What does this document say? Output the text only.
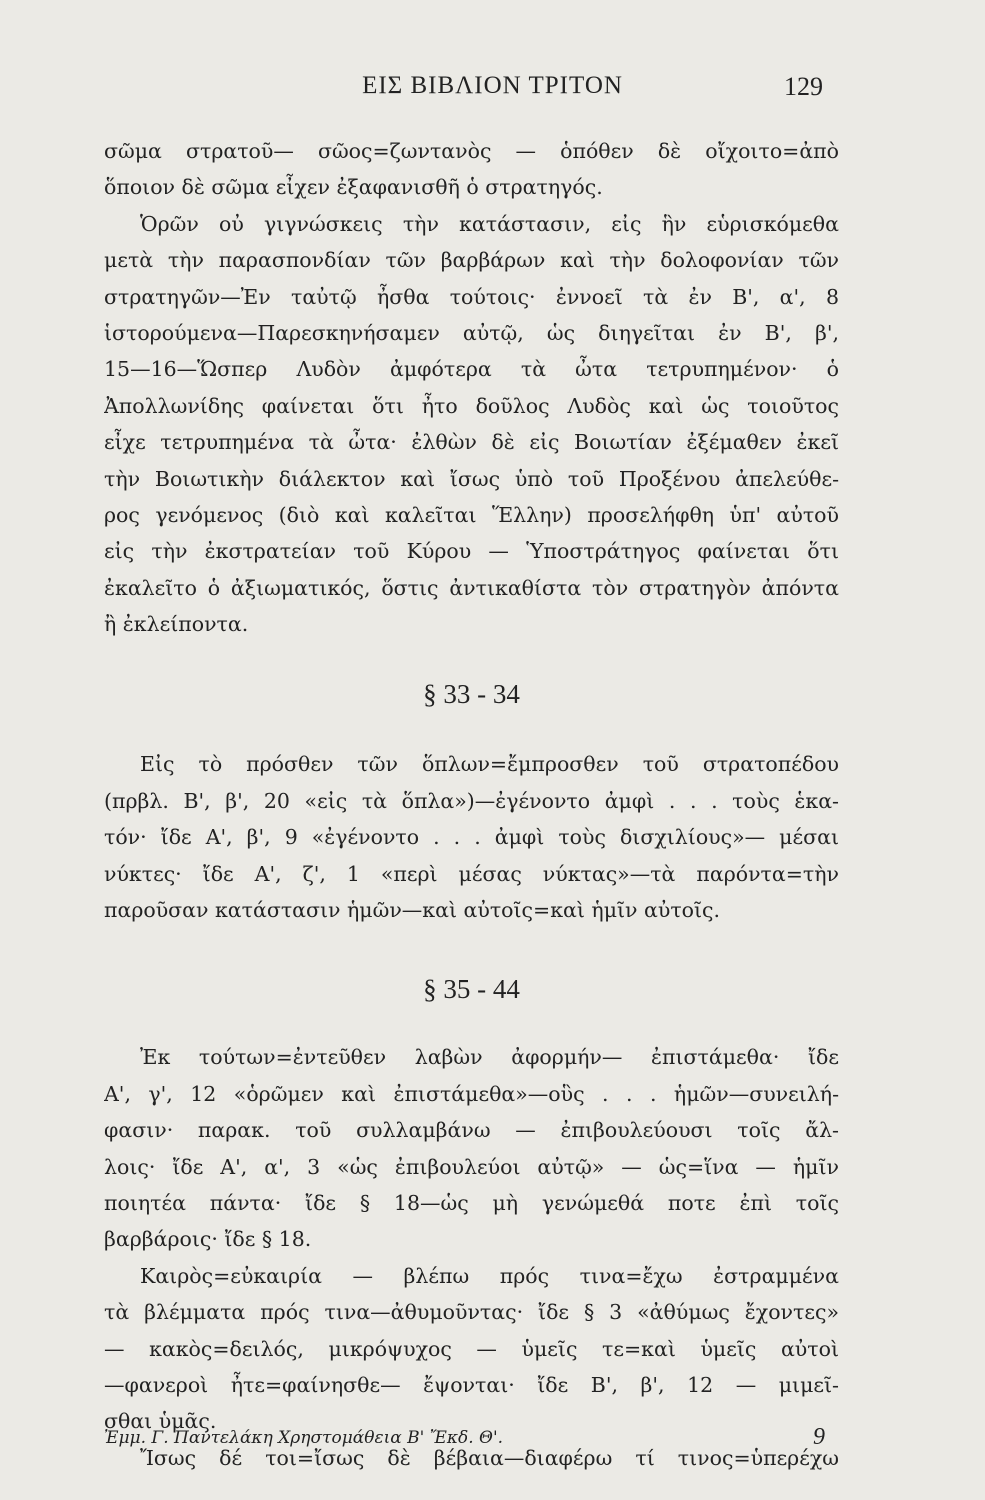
ΕΙΣ ΒΙΒΛΙΟΝ ΤΡΙΤΟΝ	129
σῶμα στρατοῦ— σῶος=ζωντανὸς — ὁπόθεν δὲ οἴχοιτο=ἀπὸ
ὅποιον δὲ σῶμα εἶχεν ἐξαφανισθῆ ὁ στρατηγός.
Ὁρῶν οὐ γιγνώσκεις τὴν κατάστασιν, εἰς ἣν εὑρισκόμεθα
μετὰ τὴν παρασπονδίαν τῶν βαρβάρων καὶ τὴν δολοφονίαν τῶν
στρατηγῶν—Ἐν ταὐτῷ ἦσθα τούτοις· ἐννοεῖ τὰ ἐν Β', α', 8
ἱστορούμενα—Παρεσκηνήσαμεν αὐτῷ, ὡς διηγεῖται ἐν Β', β',
15—16—Ὥσπερ Λυδὸν ἀμφότερα τὰ ὦτα τετρυπημένον· ὁ
Ἀπολλωνίδης φαίνεται ὅτι ἦτο δοῦλος Λυδὸς καὶ ὡς τοιοῦτος
εἶχε τετρυπημένα τὰ ὦτα· ἐλθὼν δὲ εἰς Βοιωτίαν ἐξέμαθεν ἐκεῖ
τὴν Βοιωτικὴν διάλεκτον καὶ ἴσως ὑπὸ τοῦ Προξένου ἀπελεύθε-
ρος γενόμενος (διὸ καὶ καλεῖται Ἕλλην) προσελήφθη ὑπ' αὐτοῦ
εἰς τὴν ἐκστρατείαν τοῦ Κύρου — Ὑποστράτηγος φαίνεται ὅτι
ἐκαλεῖτο ὁ ἀξιωματικός, ὅστις ἀντικαθίστα τὸν στρατηγὸν ἀπόντα
ἢ ἐκλείποντα.
§ 33 - 34
Εἰς τὸ πρόσθεν τῶν ὅπλων=ἔμπροσθεν τοῦ στρατοπέδου
(πρβλ. Β', β', 20 «εἰς τὰ ὅπλα»)—ἐγένοντο ἀμφὶ . . . τοὺς ἑκα-
τόν· ἴδε Α', β', 9 «ἐγένοντο . . . ἀμφὶ τοὺς δισχιλίους»— μέσαι
νύκτες· ἴδε Α', ζ', 1 «περὶ μέσας νύκτας»—τὰ παρόντα=τὴν
παροῦσαν κατάστασιν ἡμῶν—καὶ αὐτοῖς=καὶ ἡμῖν αὐτοῖς.
§ 35 - 44
Ἐκ τούτων=ἐντεῦθεν λαβὼν ἀφορμήν— ἐπιστάμεθα· ἴδε
Α', γ', 12 «ὁρῶμεν καὶ ἐπιστάμεθα»—οὓς . . . ἡμῶν—συνειλή-
φασιν· παρακ. τοῦ συλλαμβάνω — ἐπιβουλεύουσι τοῖς ἄλ-
λοις· ἴδε Α', α', 3 «ὡς ἐπιβουλεύοι αὐτῷ» — ὡς=ἵνα — ἡμῖν
ποιητέα πάντα· ἴδε § 18—ὡς μὴ γενώμεθά ποτε ἐπὶ τοῖς
βαρβάροις· ἴδε § 18.
Καιρὸς=εὐκαιρία — βλέπω πρός τινα=ἔχω ἐστραμμένα
τὰ βλέμματα πρός τινα—ἀθυμοῦντας· ἴδε § 3 «ἀθύμως ἔχοντες»
— κακὸς=δειλός, μικρόψυχος — ὑμεῖς τε=καὶ ὑμεῖς αὐτοὶ
—φανεροὶ ἦτε=φαίνησθε— ἔψονται· ἴδε Β', β', 12 — μιμεῖ-
σθαι ὑμᾶς.
Ἴσως δέ τοι=ἴσως δὲ βέβαια—διαφέρω τί τινος=ὑπερέχω
Ἐμμ. Γ. Παντελάκη Χρηστομάθεια Β' Ἔκδ. Θ'.	9
